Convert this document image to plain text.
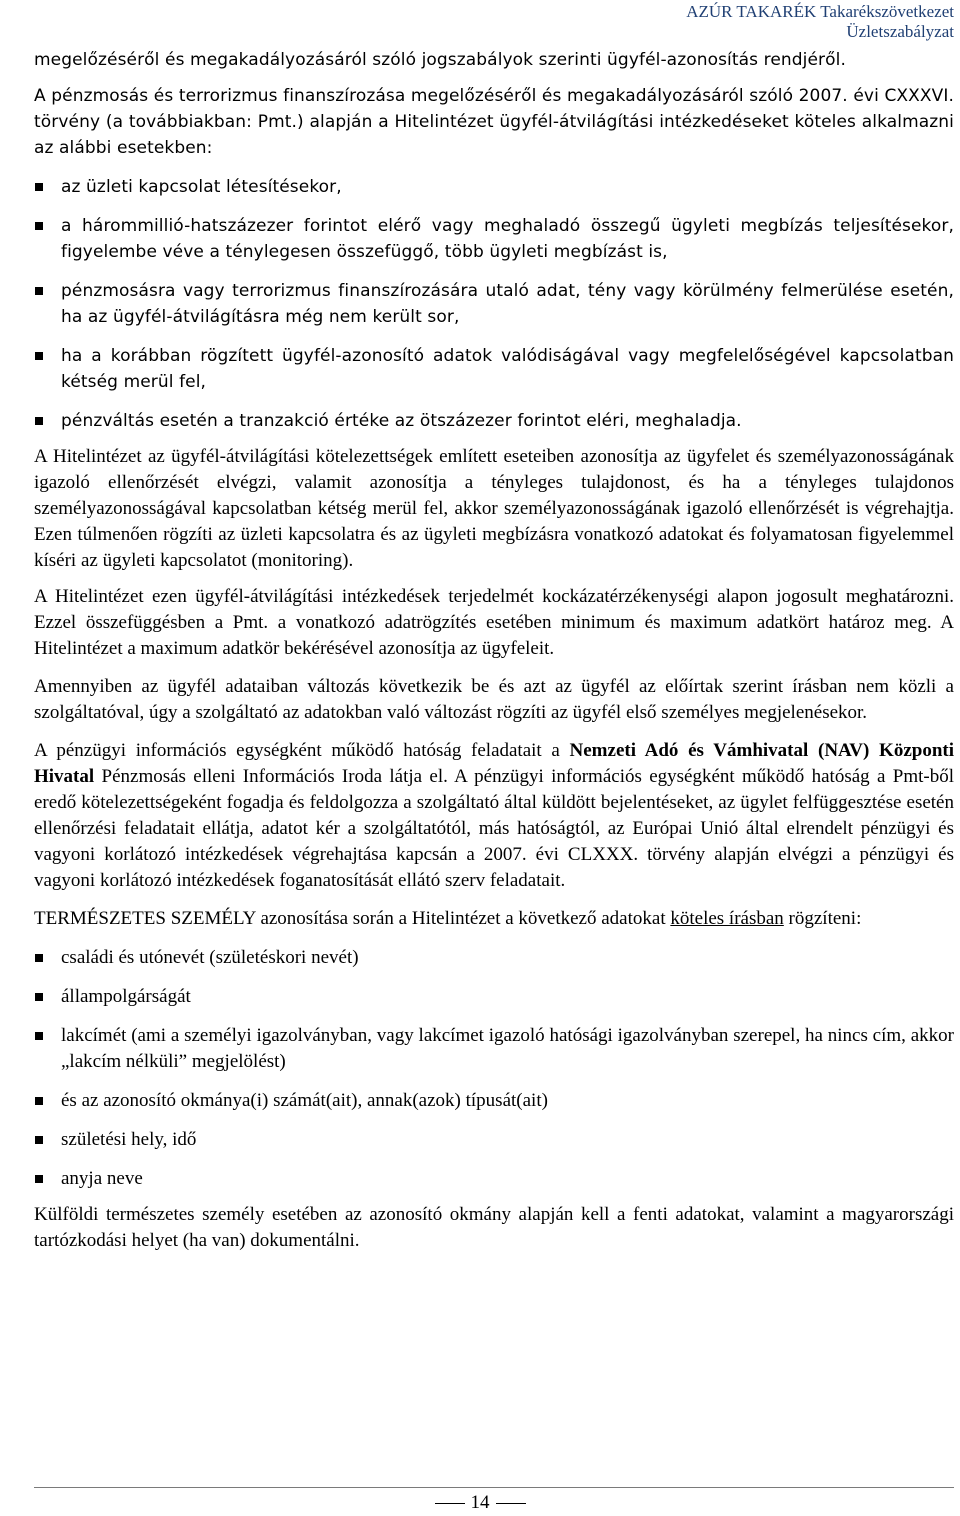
AZÚR TAKARÉK Takarékszövetkezet
Üzletszabályzat

megelőzéséről és megakadályozásáról szóló jogszabályok szerinti ügyfél-azonosítás rendjéről.

A pénzmosás és terrorizmus finanszírozása megelőzéséről és megakadályozásáról szóló 2007. évi CXXXVI. törvény (a továbbiakban: Pmt.) alapján a Hitelintézet ügyfél-átvilágítási intézkedéseket köteles alkalmazni az alábbi esetekben:

az üzleti kapcsolat létesítésekor,
a hárommillió-hatszázezer forintot elérő vagy meghaladó összegű ügyleti megbízás teljesítésekor, figyelembe véve a ténylegesen összefüggő, több ügyleti megbízást is,
pénzmosásra vagy terrorizmus finanszírozására utaló adat, tény vagy körülmény felmerülése esetén, ha az ügyfél-átvilágításra még nem került sor,
ha a korábban rögzített ügyfél-azonosító adatok valódiságával vagy megfelelőségével kapcsolatban kétség merül fel,
pénzváltás esetén a tranzakció értéke az ötszázezer forintot eléri, meghaladja.

A Hitelintézet az ügyfél-átvilágítási kötelezettségek említett eseteiben azonosítja az ügyfelet és személyazonosságának igazoló ellenőrzését elvégzi, valamit azonosítja a tényleges tulajdonost, és ha a tényleges tulajdonos személyazonosságával kapcsolatban kétség merül fel, akkor személyazonosságának igazoló ellenőrzését is végrehajtja. Ezen túlmenően rögzíti az üzleti kapcsolatra és az ügyleti megbízásra vonatkozó adatokat és folyamatosan figyelemmel kíséri az ügyleti kapcsolatot (monitoring).

A Hitelintézet ezen ügyfél-átvilágítási intézkedések terjedelmét kockázatérzékenységi alapon jogosult meghatározni. Ezzel összefüggésben a Pmt. a vonatkozó adatrögzítés esetében minimum és maximum adatkört határoz meg. A Hitelintézet a maximum adatkör bekérésével azonosítja az ügyfeleit.

Amennyiben az ügyfél adataiban változás következik be és azt az ügyfél az előírtak szerint írásban nem közli a szolgáltatóval, úgy a szolgáltató az adatokban való változást rögzíti az ügyfél első személyes megjelenésekor.

A pénzügyi információs egységként működő hatóság feladatait a Nemzeti Adó és Vámhivatal (NAV) Központi Hivatal Pénzmosás elleni Információs Iroda látja el. A pénzügyi információs egységként működő hatóság a Pmt-ből eredő kötelezettségeként fogadja és feldolgozza a szolgáltató által küldött bejelentéseket, az ügylet felfüggesztése esetén ellenőrzési feladatait ellátja, adatot kér a szolgáltatótól, más hatóságtól, az Európai Unió által elrendelt pénzügyi és vagyoni korlátozó intézkedések végrehajtása kapcsán a 2007. évi CLXXX. törvény alapján elvégzi a pénzügyi és vagyoni korlátozó intézkedések foganatosítását ellátó szerv feladatait.

TERMÉSZETES SZEMÉLY azonosítása során a Hitelintézet a következő adatokat köteles írásban rögzíteni:

családi és utónevét (születéskori nevét)
állampolgárságát
lakcímét (ami a személyi igazolványban, vagy lakcímet igazoló hatósági igazolványban szerepel, ha nincs cím, akkor „lakcím nélküli” megjelölést)
és az azonosító okmánya(i) számát(ait), annak(azok) típusát(ait)
születési hely, idő
anyja neve

Külföldi természetes személy esetében az azonosító okmány alapján kell a fenti adatokat, valamint a magyarországi tartózkodási helyet (ha van) dokumentálni.

14
